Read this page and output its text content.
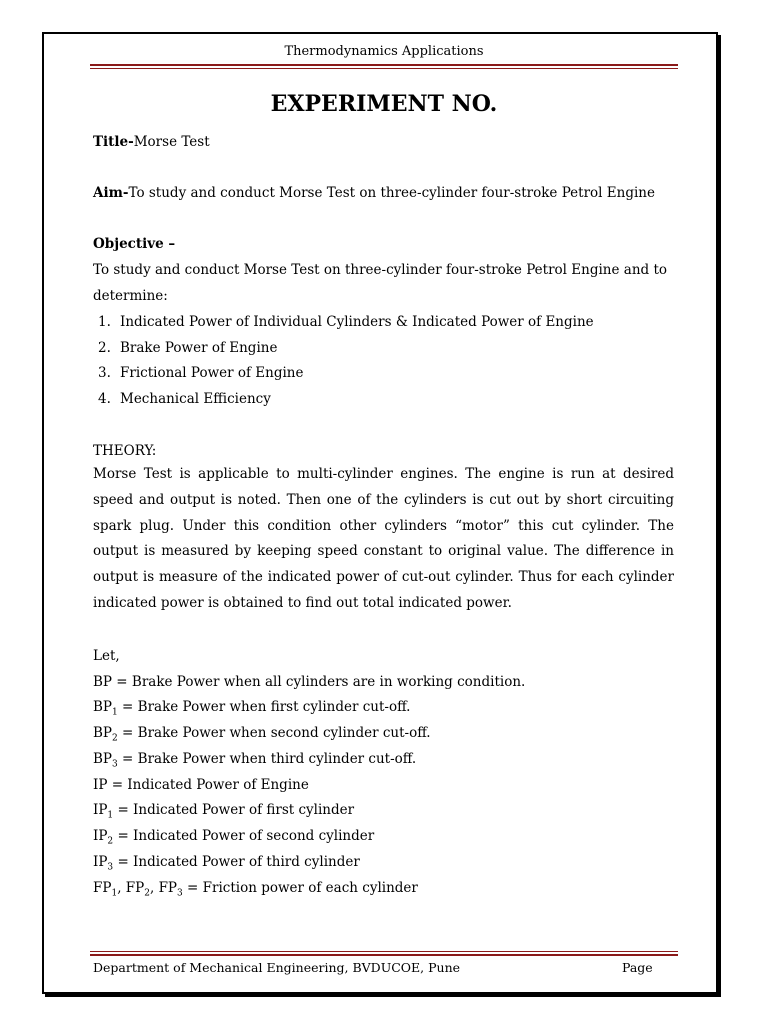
Thermodynamics Applications
EXPERIMENT NO.
Title-Morse Test
Aim-To study and conduct Morse Test on three-cylinder four-stroke Petrol Engine
Objective –
To study and conduct Morse Test on three-cylinder four-stroke Petrol Engine and to
determine:
1. Indicated Power of Individual Cylinders & Indicated Power of Engine
2. Brake Power of Engine
3. Frictional Power of Engine
4. Mechanical Efficiency
THEORY:
Morse Test is applicable to multi-cylinder engines. The engine is run at desired speed and output is noted. Then one of the cylinders is cut out by short circuiting spark plug. Under this condition other cylinders “motor” this cut cylinder. The output is measured by keeping speed constant to original value. The difference in output is measure of the indicated power of cut-out cylinder. Thus for each cylinder indicated power is obtained to find out total indicated power.
Let,
BP = Brake Power when all cylinders are in working condition.
$BP_1$ = Brake Power when first cylinder cut-off.
$BP_2$ = Brake Power when second cylinder cut-off.
$BP_3$ = Brake Power when third cylinder cut-off.
IP = Indicated Power of Engine
$IP_1$ = Indicated Power of first cylinder
$IP_2$ = Indicated Power of second cylinder
$IP_3$ = Indicated Power of third cylinder
$FP_1$, $FP_2$, $FP_3$ = Friction power of each cylinder
Department of Mechanical Engineering, BVDUCOE, Pune	Page
